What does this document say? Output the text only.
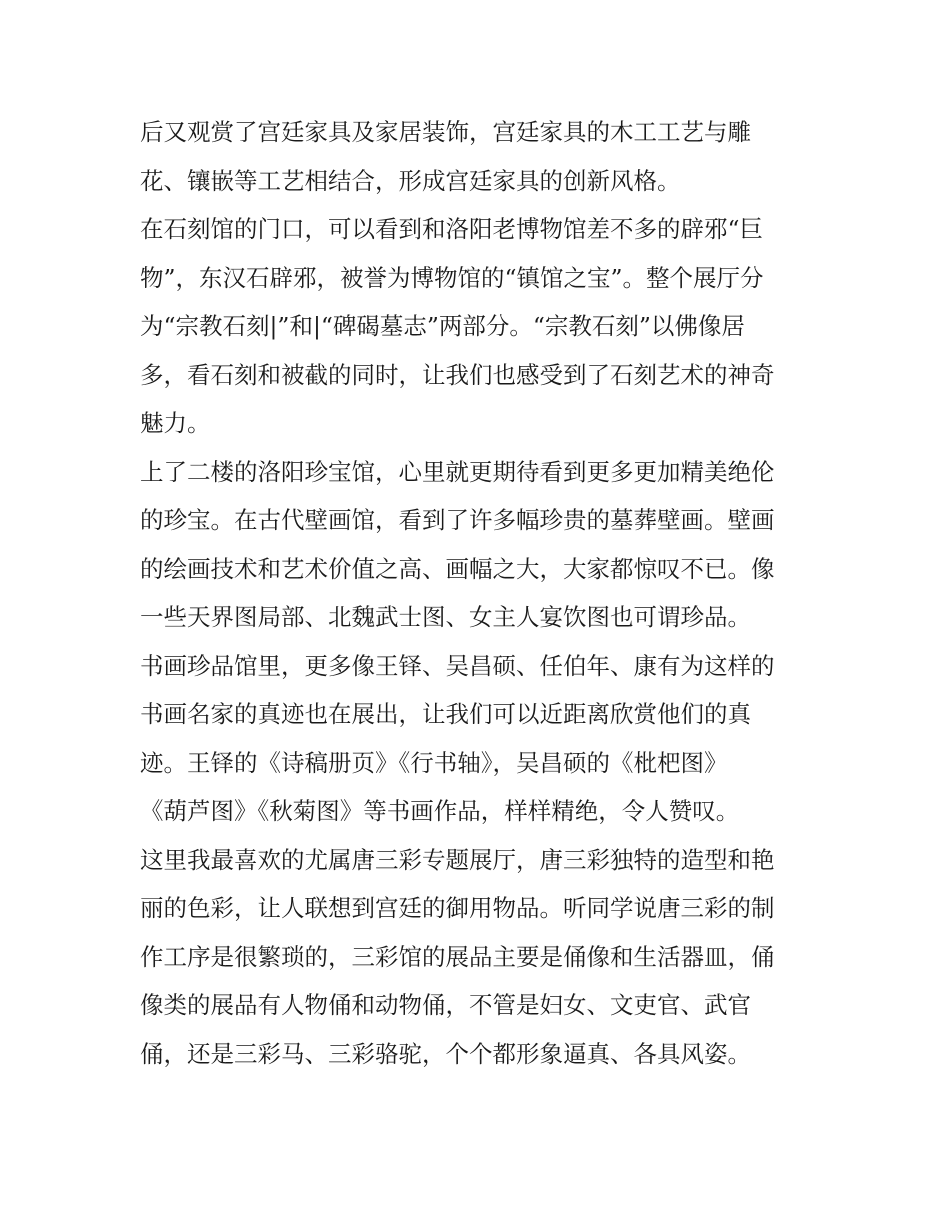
后又观赏了宫廷家具及家居装饰，宫廷家具的木工工艺与雕
花、镶嵌等工艺相结合，形成宫廷家具的创新风格。
在石刻馆的门口，可以看到和洛阳老博物馆差不多的辟邪“巨
物”，东汉石辟邪，被誉为博物馆的“镇馆之宝”。整个展厅分
为“宗教石刻|”和|“碑碣墓志”两部分。“宗教石刻”以佛像居
多，看石刻和被截的同时，让我们也感受到了石刻艺术的神奇
魅力。
上了二楼的洛阳珍宝馆，心里就更期待看到更多更加精美绝伦
的珍宝。在古代壁画馆，看到了许多幅珍贵的墓葬壁画。壁画
的绘画技术和艺术价值之高、画幅之大，大家都惊叹不已。像
一些天界图局部、北魏武士图、女主人宴饮图也可谓珍品。
书画珍品馆里，更多像王铎、吴昌硕、任伯年、康有为这样的
书画名家的真迹也在展出，让我们可以近距离欣赏他们的真
迹。王铎的《诗稿册页》《行书轴》，吴昌硕的《枇杷图》
《葫芦图》《秋菊图》等书画作品，样样精绝，令人赞叹。
这里我最喜欢的尤属唐三彩专题展厅，唐三彩独特的造型和艳
丽的色彩，让人联想到宫廷的御用物品。听同学说唐三彩的制
作工序是很繁琐的，三彩馆的展品主要是俑像和生活器皿，俑
像类的展品有人物俑和动物俑，不管是妇女、文吏官、武官
俑，还是三彩马、三彩骆驼，个个都形象逼真、各具风姿。
